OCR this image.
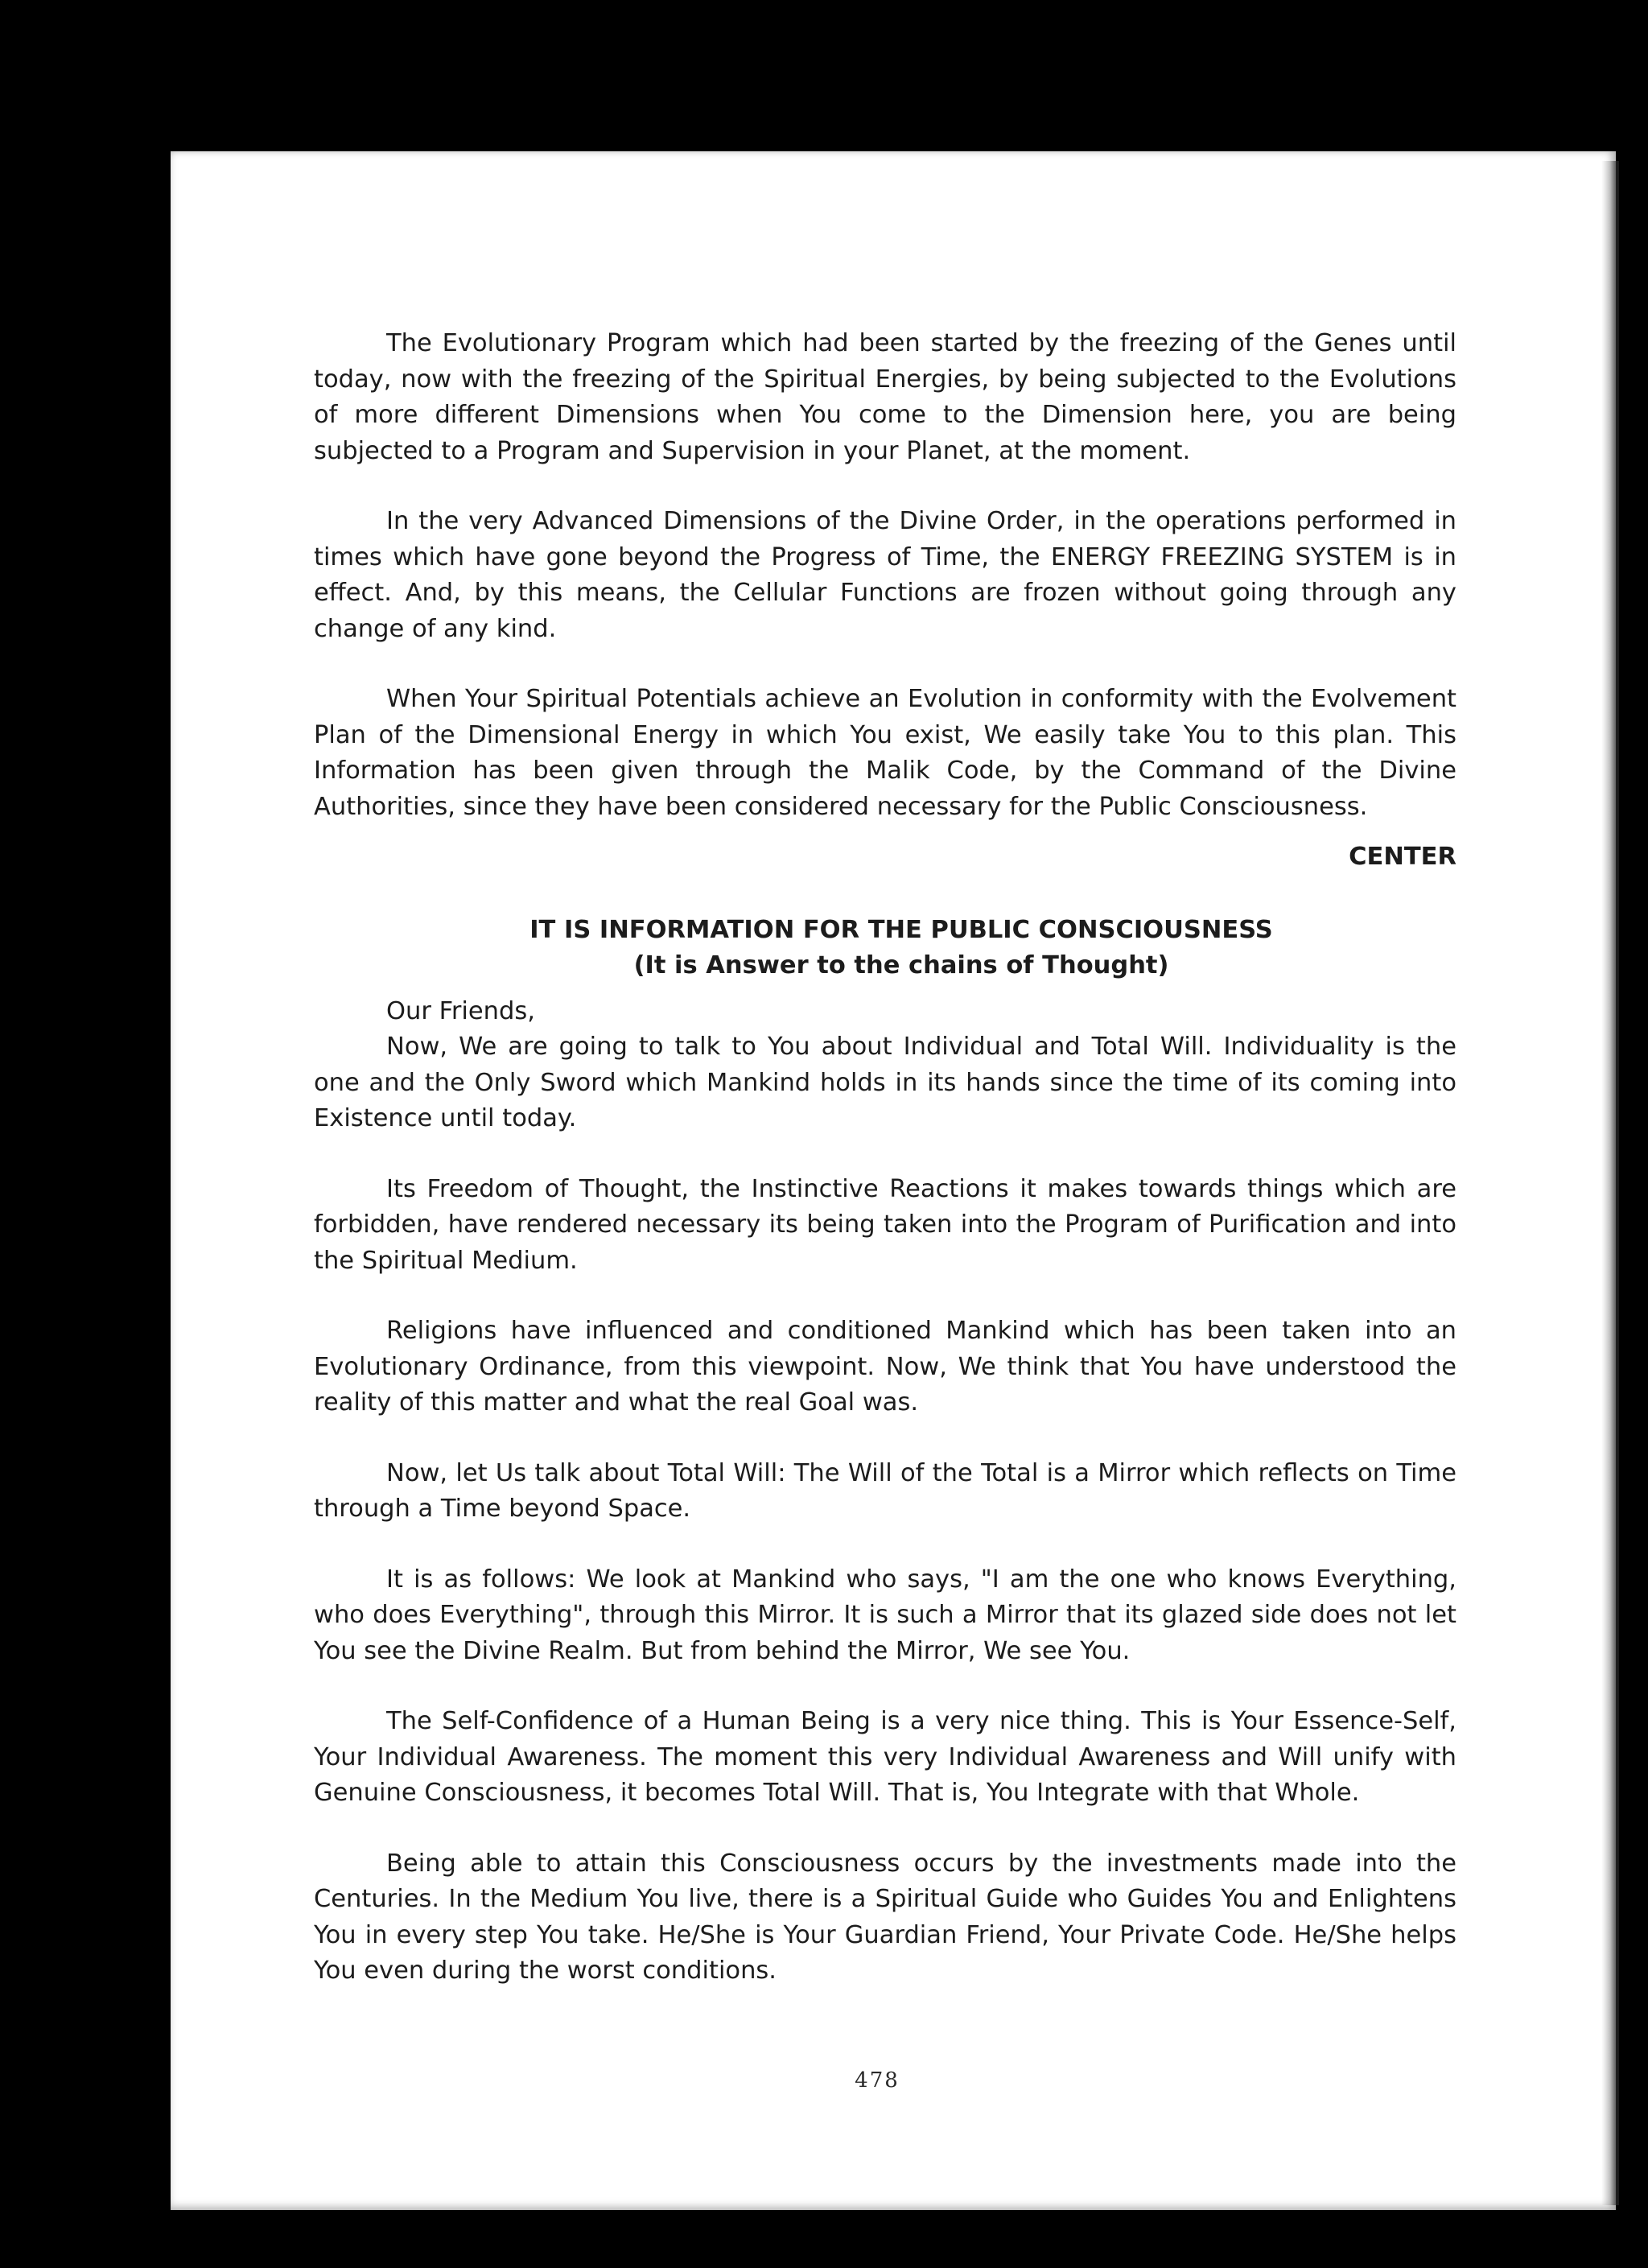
The Evolutionary Program which had been started by the freezing of the Genes until today, now with the freezing of the Spiritual Energies, by being subjected to the Evolutions of more different Dimensions when You come to the Dimension here, you are being subjected to a Program and Supervision in your Planet, at the moment.

In the very Advanced Dimensions of the Divine Order, in the operations performed in times which have gone beyond the Progress of Time, the ENERGY FREEZING SYSTEM is in effect. And, by this means, the Cellular Functions are frozen without going through any change of any kind.

When Your Spiritual Potentials achieve an Evolution in conformity with the Evolvement Plan of the Dimensional Energy in which You exist, We easily take You to this plan. This Information has been given through the Malik Code, by the Command of the Divine Authorities, since they have been considered necessary for the Public Consciousness.

CENTER
IT IS INFORMATION FOR THE PUBLIC CONSCIOUSNESS
(It is Answer to the chains of Thought)

Our Friends,

Now, We are going to talk to You about Individual and Total Will. Individuality is the one and the Only Sword which Mankind holds in its hands since the time of its coming into Existence until today.

Its Freedom of Thought, the Instinctive Reactions it makes towards things which are forbidden, have rendered necessary its being taken into the Program of Purification and into the Spiritual Medium.

Religions have influenced and conditioned Mankind which has been taken into an Evolutionary Ordinance, from this viewpoint. Now, We think that You have understood the reality of this matter and what the real Goal was.

Now, let Us talk about Total Will: The Will of the Total is a Mirror which reflects on Time through a Time beyond Space.

It is as follows: We look at Mankind who says, "I am the one who knows Everything, who does Everything", through this Mirror. It is such a Mirror that its glazed side does not let You see the Divine Realm. But from behind the Mirror, We see You.

The Self-Confidence of a Human Being is a very nice thing. This is Your Essence-Self, Your Individual Awareness. The moment this very Individual Awareness and Will unify with Genuine Consciousness, it becomes Total Will. That is, You Integrate with that Whole.

Being able to attain this Consciousness occurs by the investments made into the Centuries. In the Medium You live, there is a Spiritual Guide who Guides You and Enlightens You in every step You take. He/She is Your Guardian Friend, Your Private Code. He/She helps You even during the worst conditions.

478
